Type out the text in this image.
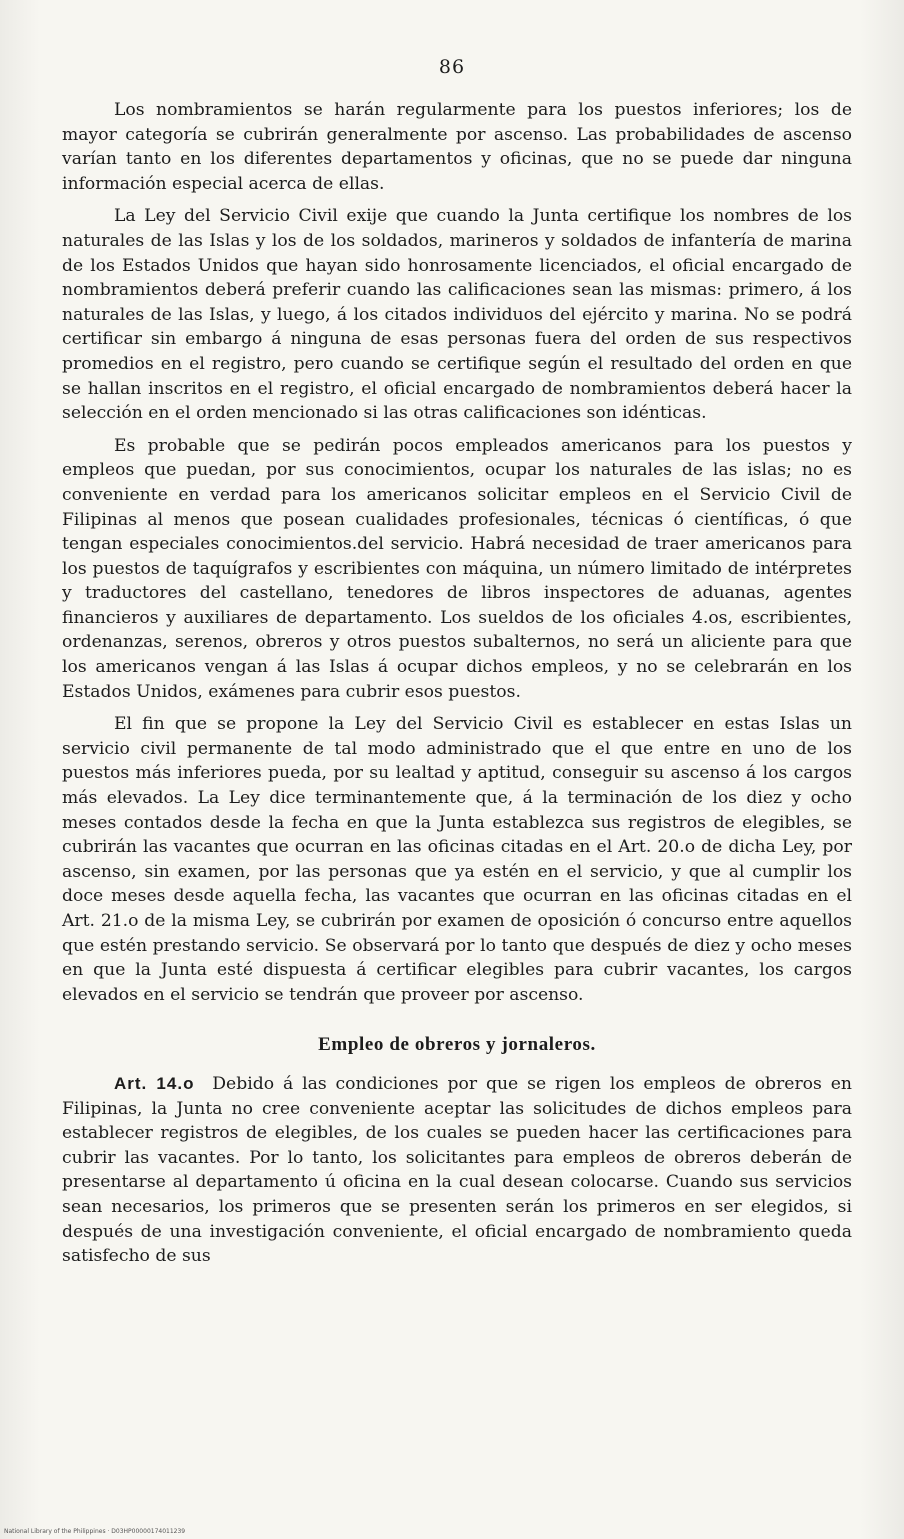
86

Los nombramientos se harán regularmente para los puestos inferiores; los de mayor categoría se cubrirán generalmente por ascenso. Las probabilidades de ascenso varían tanto en los diferentes departamentos y oficinas, que no se puede dar ninguna información especial acerca de ellas.

La Ley del Servicio Civil exije que cuando la Junta certifique los nombres de los naturales de las Islas y los de los soldados, marineros y soldados de infantería de marina de los Estados Unidos que hayan sido honrosamente licenciados, el oficial encargado de nombramientos deberá preferir cuando las calificaciones sean las mismas: primero, á los naturales de las Islas, y luego, á los citados individuos del ejército y marina. No se podrá certificar sin embargo á ninguna de esas personas fuera del orden de sus respectivos promedios en el registro, pero cuando se certifique según el resultado del orden en que se hallan inscritos en el registro, el oficial encargado de nombramientos deberá hacer la selección en el orden mencionado si las otras calificaciones son idénticas.

Es probable que se pedirán pocos empleados americanos para los puestos y empleos que puedan, por sus conocimientos, ocupar los naturales de las islas; no es conveniente en verdad para los americanos solicitar empleos en el Servicio Civil de Filipinas al menos que posean cualidades profesionales, técnicas ó científicas, ó que tengan especiales conocimientos.del servicio. Habrá necesidad de traer americanos para los puestos de taquígrafos y escribientes con máquina, un número limitado de intérpretes y traductores del castellano, tenedores de libros inspectores de aduanas, agentes financieros y auxiliares de departamento. Los sueldos de los oficiales 4.os, escribientes, ordenanzas, serenos, obreros y otros puestos subalternos, no será un aliciente para que los americanos vengan á las Islas á ocupar dichos empleos, y no se celebrarán en los Estados Unidos, exámenes para cubrir esos puestos.

El fin que se propone la Ley del Servicio Civil es establecer en estas Islas un servicio civil permanente de tal modo administrado que el que entre en uno de los puestos más inferiores pueda, por su lealtad y aptitud, conseguir su ascenso á los cargos más elevados. La Ley dice terminantemente que, á la terminación de los diez y ocho meses contados desde la fecha en que la Junta establezca sus registros de elegibles, se cubrirán las vacantes que ocurran en las oficinas citadas en el Art. 20.o de dicha Ley, por ascenso, sin examen, por las personas que ya estén en el servicio, y que al cumplir los doce meses desde aquella fecha, las vacantes que ocurran en las oficinas citadas en el Art. 21.o de la misma Ley, se cubrirán por examen de oposición ó concurso entre aquellos que estén prestando servicio. Se observará por lo tanto que después de diez y ocho meses en que la Junta esté dispuesta á certificar elegibles para cubrir vacantes, los cargos elevados en el servicio se tendrán que proveer por ascenso.

Empleo de obreros y jornaleros.

Art. 14.o Debido á las condiciones por que se rigen los empleos de obreros en Filipinas, la Junta no cree conveniente aceptar las solicitudes de dichos empleos para establecer registros de elegibles, de los cuales se pueden hacer las certificaciones para cubrir las vacantes. Por lo tanto, los solicitantes para empleos de obreros deberán de presentarse al departamento ú oficina en la cual desean colocarse. Cuando sus servicios sean necesarios, los primeros que se presenten serán los primeros en ser elegidos, si después de una investigación conveniente, el oficial encargado de nombramiento queda satisfecho de sus

National Library of the Philippines · D03HP00000174011239
